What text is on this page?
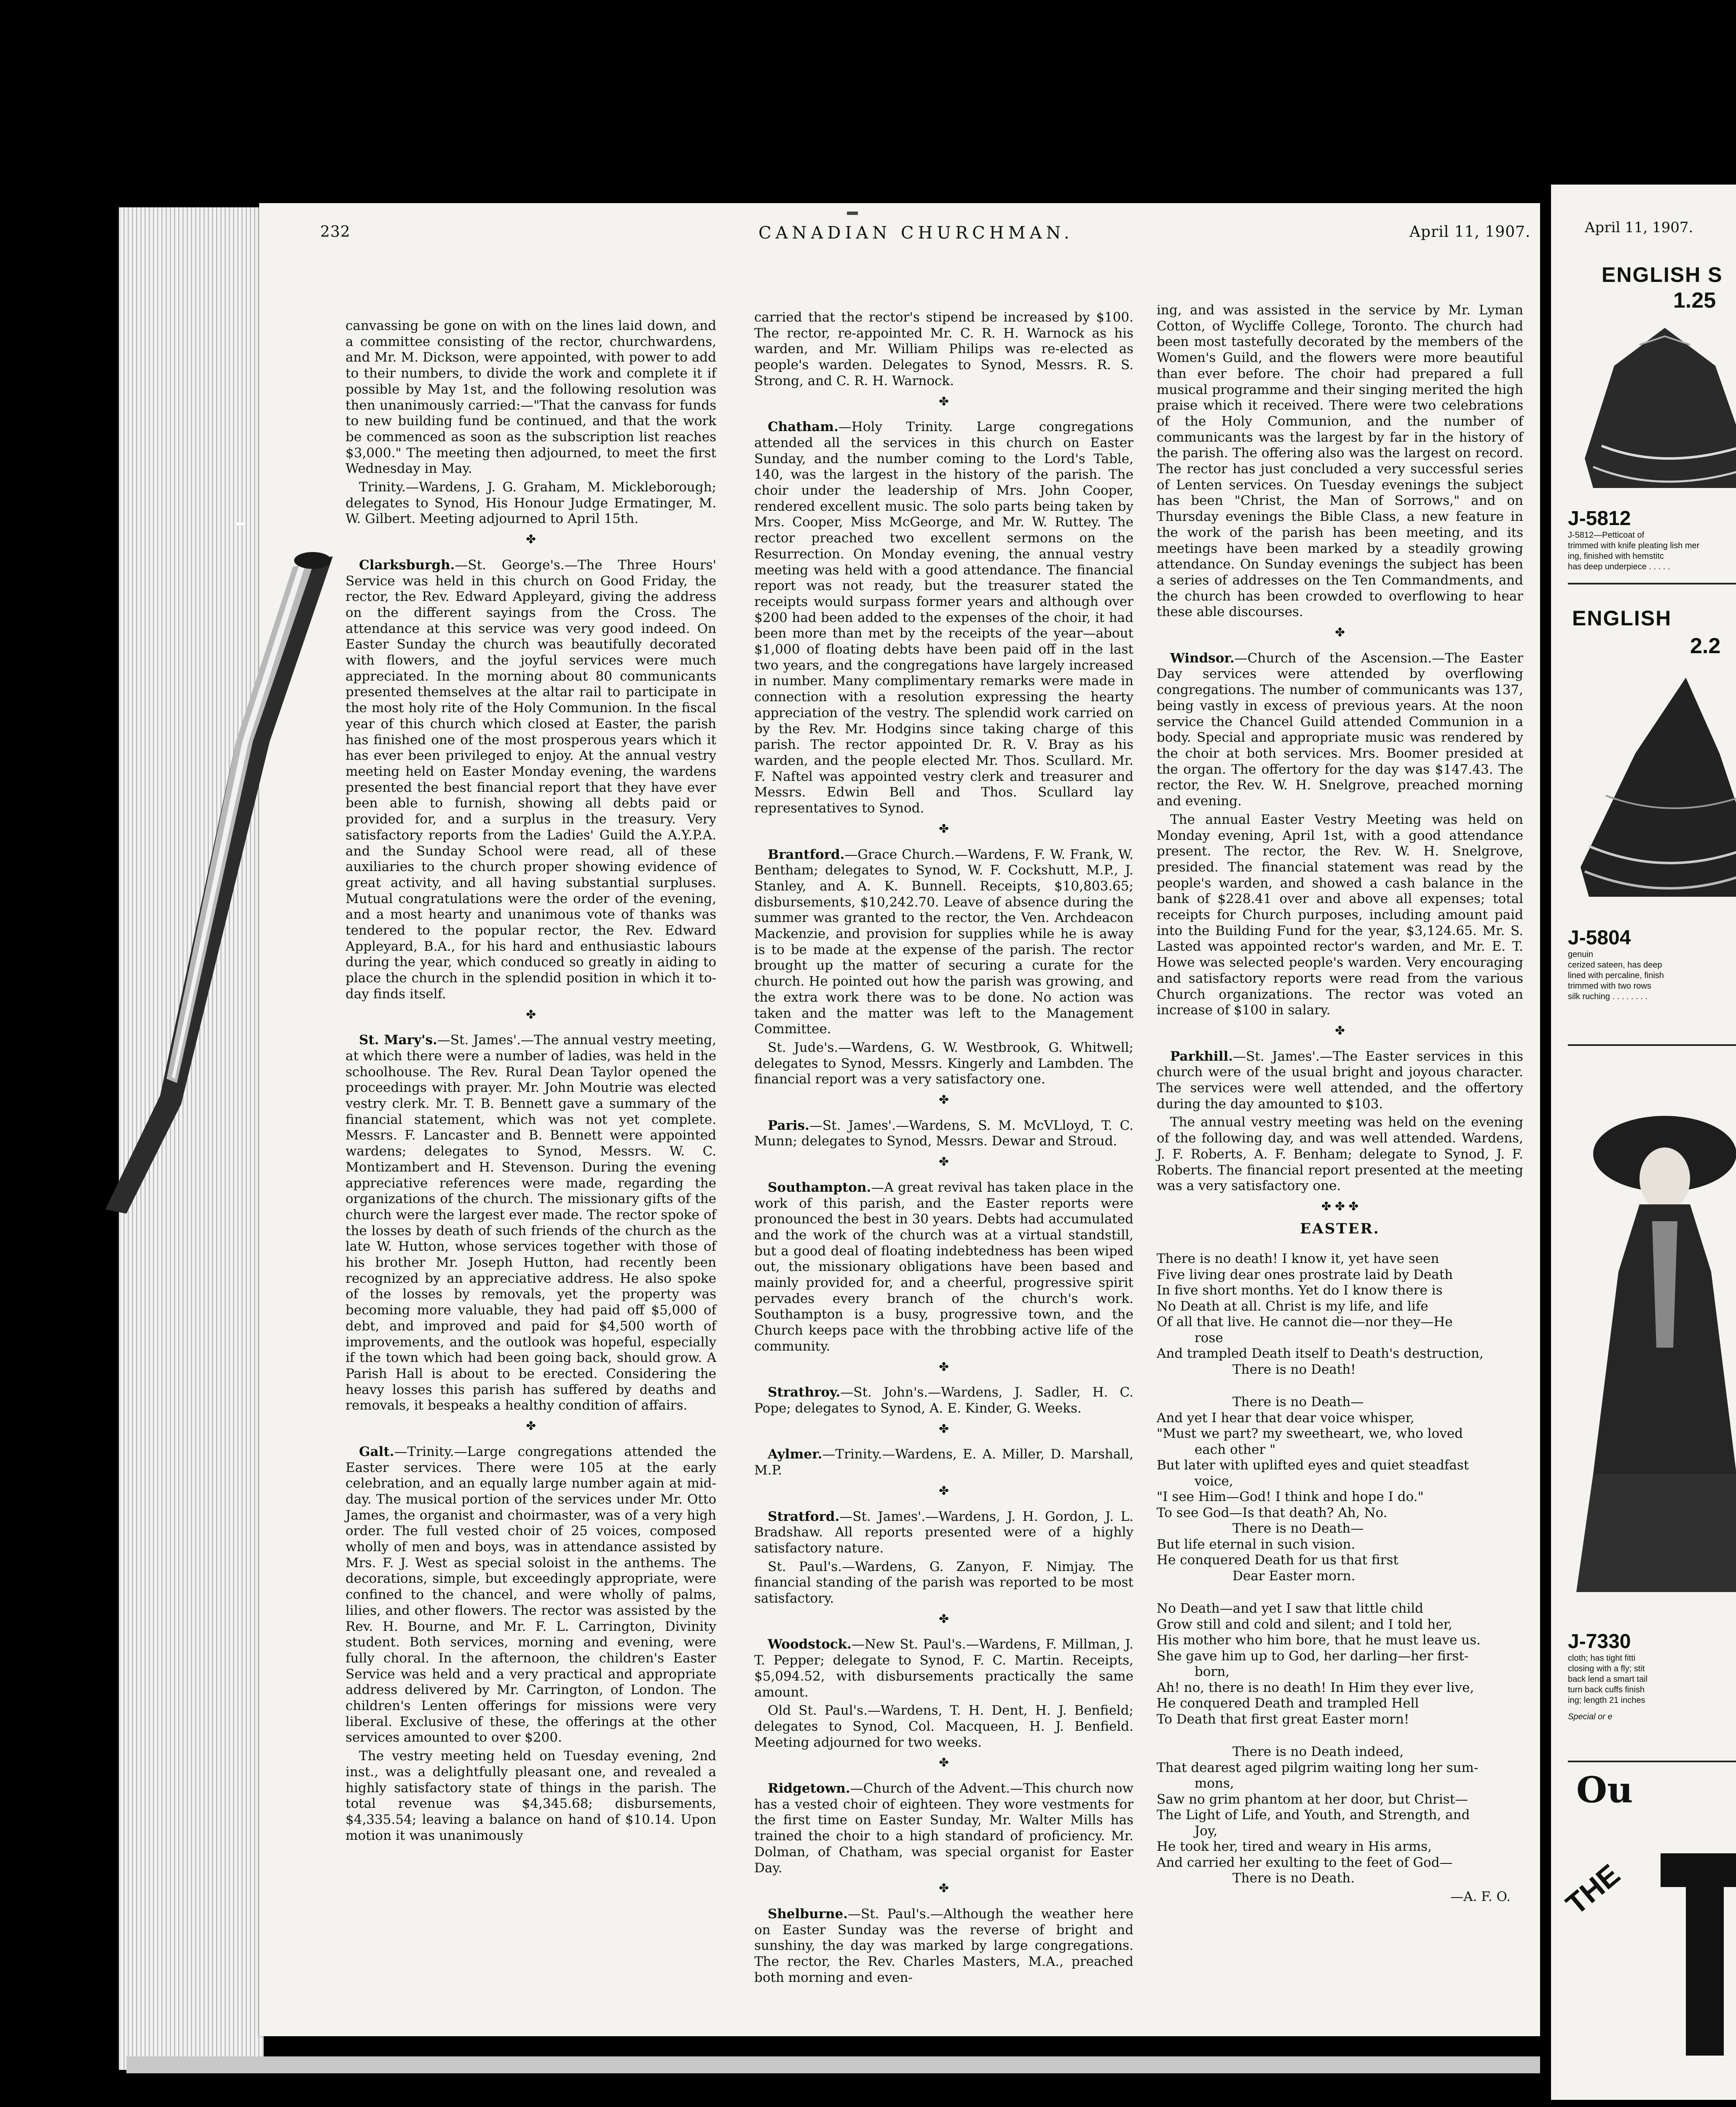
232	CANADIAN CHURCHMAN.	April 11, 1907.

canvassing be gone on with on the lines laid down, and a committee consisting of the rector, churchwardens, and Mr. M. Dickson, were appointed, with power to add to their numbers, to divide the work and complete it if possible by May 1st, and the following resolution was then unanimously carried:—"That the canvass for funds to new building fund be continued, and that the work be commenced as soon as the subscription list reaches $3,000." The meeting then adjourned, to meet the first Wednesday in May.

Trinity.—Wardens, J. G. Graham, M. Mickleborough; delegates to Synod, His Honour Judge Ermatinger, M. W. Gilbert. Meeting adjourned to April 15th.

✤

Clarksburgh.—St. George's.—The Three Hours' Service was held in this church on Good Friday, the rector, the Rev. Edward Appleyard, giving the address on the different sayings from the Cross. The attendance at this service was very good indeed. On Easter Sunday the church was beautifully decorated with flowers, and the joyful services were much appreciated. In the morning about 80 communicants presented themselves at the altar rail to participate in the most holy rite of the Holy Communion. In the fiscal year of this church which closed at Easter, the parish has finished one of the most prosperous years which it has ever been privileged to enjoy. At the annual vestry meeting held on Easter Monday evening, the wardens presented the best financial report that they have ever been able to furnish, showing all debts paid or provided for, and a surplus in the treasury. Very satisfactory reports from the Ladies' Guild the A.Y.P.A. and the Sunday School were read, all of these auxiliaries to the church proper showing evidence of great activity, and all having substantial surpluses. Mutual congratulations were the order of the evening, and a most hearty and unanimous vote of thanks was tendered to the popular rector, the Rev. Edward Appleyard, B.A., for his hard and enthusiastic labours during the year, which conduced so greatly in aiding to place the church in the splendid position in which it to-day finds itself.

✤

St. Mary's.—St. James'.—The annual vestry meeting, at which there were a number of ladies, was held in the schoolhouse. The Rev. Rural Dean Taylor opened the proceedings with prayer. Mr. John Moutrie was elected vestry clerk. Mr. T. B. Bennett gave a summary of the financial statement, which was not yet complete. Messrs. F. Lancaster and B. Bennett were appointed wardens; delegates to Synod, Messrs. W. C. Montizambert and H. Stevenson. During the evening appreciative references were made, regarding the organizations of the church. The missionary gifts of the church were the largest ever made. The rector spoke of the losses by death of such friends of the church as the late W. Hutton, whose services together with those of his brother Mr. Joseph Hutton, had recently been recognized by an appreciative address. He also spoke of the losses by removals, yet the property was becoming more valuable, they had paid off $5,000 of debt, and improved and paid for $4,500 worth of improvements, and the outlook was hopeful, especially if the town which had been going back, should grow. A Parish Hall is about to be erected. Considering the heavy losses this parish has suffered by deaths and removals, it bespeaks a healthy condition of affairs.

✤

Galt.—Trinity.—Large congregations attended the Easter services. There were 105 at the early celebration, and an equally large number again at mid-day. The musical portion of the services under Mr. Otto James, the organist and choirmaster, was of a very high order. The full vested choir of 25 voices, composed wholly of men and boys, was in attendance assisted by Mrs. F. J. West as special soloist in the anthems. The decorations, simple, but exceedingly appropriate, were confined to the chancel, and were wholly of palms, lilies, and other flowers. The rector was assisted by the Rev. H. Bourne, and Mr. F. L. Carrington, Divinity student. Both services, morning and evening, were fully choral. In the afternoon, the children's Easter Service was held and a very practical and appropriate address delivered by Mr. Carrington, of London. The children's Lenten offerings for missions were very liberal. Exclusive of these, the offerings at the other services amounted to over $200.

The vestry meeting held on Tuesday evening, 2nd inst., was a delightfully pleasant one, and revealed a highly satisfactory state of things in the parish. The total revenue was $4,345.68; disbursements, $4,335.54; leaving a balance on hand of $10.14. Upon motion it was unanimously

carried that the rector's stipend be increased by $100. The rector, re-appointed Mr. C. R. H. Warnock as his warden, and Mr. William Philips was re-elected as people's warden. Delegates to Synod, Messrs. R. S. Strong, and C. R. H. Warnock.

✤

Chatham.—Holy Trinity. Large congregations attended all the services in this church on Easter Sunday, and the number coming to the Lord's Table, 140, was the largest in the history of the parish. The choir under the leadership of Mrs. John Cooper, rendered excellent music. The solo parts being taken by Mrs. Cooper, Miss McGeorge, and Mr. W. Ruttey. The rector preached two excellent sermons on the Resurrection. On Monday evening, the annual vestry meeting was held with a good attendance. The financial report was not ready, but the treasurer stated the receipts would surpass former years and although over $200 had been added to the expenses of the choir, it had been more than met by the receipts of the year—about $1,000 of floating debts have been paid off in the last two years, and the congregations have largely increased in number. Many complimentary remarks were made in connection with a resolution expressing the hearty appreciation of the vestry. The splendid work carried on by the Rev. Mr. Hodgins since taking charge of this parish. The rector appointed Dr. R. V. Bray as his warden, and the people elected Mr. Thos. Scullard. Mr. F. Naftel was appointed vestry clerk and treasurer and Messrs. Edwin Bell and Thos. Scullard lay representatives to Synod.

✤

Brantford.—Grace Church.—Wardens, F. W. Frank, W. Bentham; delegates to Synod, W. F. Cockshutt, M.P., J. Stanley, and A. K. Bunnell. Receipts, $10,803.65; disbursements, $10,242.70. Leave of absence during the summer was granted to the rector, the Ven. Archdeacon Mackenzie, and provision for supplies while he is away is to be made at the expense of the parish. The rector brought up the matter of securing a curate for the church. He pointed out how the parish was growing, and the extra work there was to be done. No action was taken and the matter was left to the Management Committee.

St. Jude's.—Wardens, G. W. Westbrook, G. Whitwell; delegates to Synod, Messrs. Kingerly and Lambden. The financial report was a very satisfactory one.

✤

Paris.—St. James'.—Wardens, S. M. McVLloyd, T. C. Munn; delegates to Synod, Messrs. Dewar and Stroud.

✤

Southampton.—A great revival has taken place in the work of this parish, and the Easter reports were pronounced the best in 30 years. Debts had accumulated and the work of the church was at a virtual standstill, but a good deal of floating indebtedness has been wiped out, the missionary obligations have been based and mainly provided for, and a cheerful, progressive spirit pervades every branch of the church's work. Southampton is a busy, progressive town, and the Church keeps pace with the throbbing active life of the community.

✤

Strathroy.—St. John's.—Wardens, J. Sadler, H. C. Pope; delegates to Synod, A. E. Kinder, G. Weeks.

✤

Aylmer.—Trinity.—Wardens, E. A. Miller, D. Marshall, M.P.

✤

Stratford.—St. James'.—Wardens, J. H. Gordon, J. L. Bradshaw. All reports presented were of a highly satisfactory nature.

St. Paul's.—Wardens, G. Zanyon, F. Nimjay. The financial standing of the parish was reported to be most satisfactory.

✤

Woodstock.—New St. Paul's.—Wardens, F. Millman, J. T. Pepper; delegate to Synod, F. C. Martin. Receipts, $5,094.52, with disbursements practically the same amount.

Old St. Paul's.—Wardens, T. H. Dent, H. J. Benfield; delegates to Synod, Col. Macqueen, H. J. Benfield. Meeting adjourned for two weeks.

✤

Ridgetown.—Church of the Advent.—This church now has a vested choir of eighteen. They wore vestments for the first time on Easter Sunday, Mr. Walter Mills has trained the choir to a high standard of proficiency. Mr. Dolman, of Chatham, was special organist for Easter Day.

✤

Shelburne.—St. Paul's.—Although the weather here on Easter Sunday was the reverse of bright and sunshiny, the day was marked by large congregations. The rector, the Rev. Charles Masters, M.A., preached both morning and even-

ing, and was assisted in the service by Mr. Lyman Cotton, of Wycliffe College, Toronto. The church had been most tastefully decorated by the members of the Women's Guild, and the flowers were more beautiful than ever before. The choir had prepared a full musical programme and their singing merited the high praise which it received. There were two celebrations of the Holy Communion, and the number of communicants was the largest by far in the history of the parish. The offering also was the largest on record. The rector has just concluded a very successful series of Lenten services. On Tuesday evenings the subject has been "Christ, the Man of Sorrows," and on Thursday evenings the Bible Class, a new feature in the work of the parish has been meeting, and its meetings have been marked by a steadily growing attendance. On Sunday evenings the subject has been a series of addresses on the Ten Commandments, and the church has been crowded to overflowing to hear these able discourses.

✤

Windsor.—Church of the Ascension.—The Easter Day services were attended by overflowing congregations. The number of communicants was 137, being vastly in excess of previous years. At the noon service the Chancel Guild attended Communion in a body. Special and appropriate music was rendered by the choir at both services. Mrs. Boomer presided at the organ. The offertory for the day was $147.43. The rector, the Rev. W. H. Snelgrove, preached morning and evening.

The annual Easter Vestry Meeting was held on Monday evening, April 1st, with a good attendance present. The rector, the Rev. W. H. Snelgrove, presided. The financial statement was read by the people's warden, and showed a cash balance in the bank of $228.41 over and above all expenses; total receipts for Church purposes, including amount paid into the Building Fund for the year, $3,124.65. Mr. S. Lasted was appointed rector's warden, and Mr. E. T. Howe was selected people's warden. Very encouraging and satisfactory reports were read from the various Church organizations. The rector was voted an increase of $100 in salary.

✤

Parkhill.—St. James'.—The Easter services in this church were of the usual bright and joyous character. The services were well attended, and the offertory during the day amounted to $103.

The annual vestry meeting was held on the evening of the following day, and was well attended. Wardens, J. F. Roberts, A. F. Benham; delegate to Synod, J. F. Roberts. The financial report presented at the meeting was a very satisfactory one.

✤ ✤ ✤
EASTER.

There is no death! I know it, yet have seen

Five living dear ones prostrate laid by Death

In five short months. Yet do I know there is

No Death at all. Christ is my life, and life

Of all that live. He cannot die—nor they—He

rose

And trampled Death itself to Death's destruction,

There is no Death!

There is no Death—

And yet I hear that dear voice whisper,

"Must we part? my sweetheart, we, who loved

each other "

But later with uplifted eyes and quiet steadfast

voice,

"I see Him—God! I think and hope I do."

To see God—Is that death? Ah, No.

There is no Death—

But life eternal in such vision.

He conquered Death for us that first

Dear Easter morn.

No Death—and yet I saw that little child

Grow still and cold and silent; and I told her,

His mother who him bore, that he must leave us.

She gave him up to God, her darling—her first-

born,

Ah! no, there is no death! In Him they ever live,

He conquered Death and trampled Hell

To Death that first great Easter morn!

There is no Death indeed,

That dearest aged pilgrim waiting long her sum-

mons,

Saw no grim phantom at her door, but Christ—

The Light of Life, and Youth, and Strength, and

Joy,

He took her, tired and weary in His arms,

And carried her exulting to the feet of God—

There is no Death.

—A. F. O.

April 11, 1907.
ENGLISH S
1.25
J-5812
J-5812—Petticoat of
trimmed with knife pleating lish mer
ing, finished with hemstitc
has deep underpiece . . . . .
ENGLISH
2.2
J-5804
genuin
cerized sateen, has deep
lined with percaline, finish
trimmed with two rows
silk ruching . . . . . . . .
J-7330
cloth; has tight fitti
closing with a fly; stit
back lend a smart tail
turn back cuffs finish
ing; length 21 inches
Special or e
Ou
THE
